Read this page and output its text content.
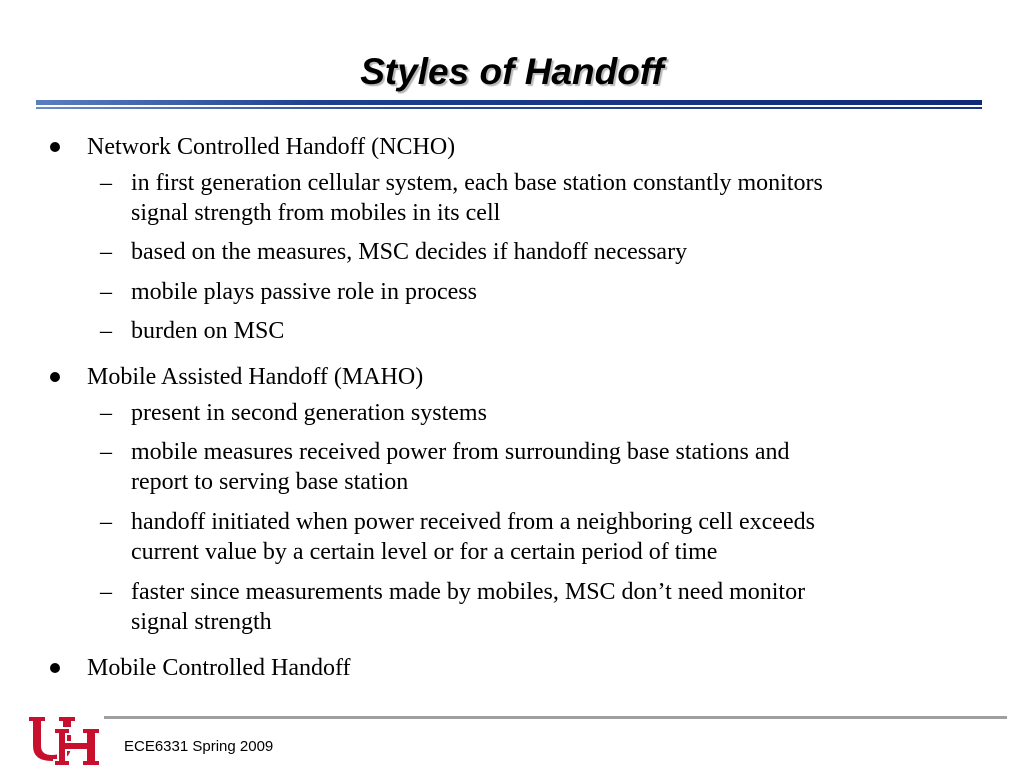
Styles of Handoff
Network Controlled Handoff (NCHO)
– in first generation cellular system, each base station constantly monitors
signal strength from mobiles in its cell
– based on the measures, MSC decides if handoff necessary
– mobile plays passive role in process
– burden on MSC
Mobile Assisted Handoff (MAHO)
– present in second generation systems
– mobile measures received power from surrounding base stations and
report to serving base station
– handoff initiated when power received from a neighboring cell exceeds
current value by a certain level or for a certain period of time
– faster since measurements made by mobiles, MSC don’t need monitor
signal strength
Mobile Controlled Handoff
ECE6331 Spring 2009
